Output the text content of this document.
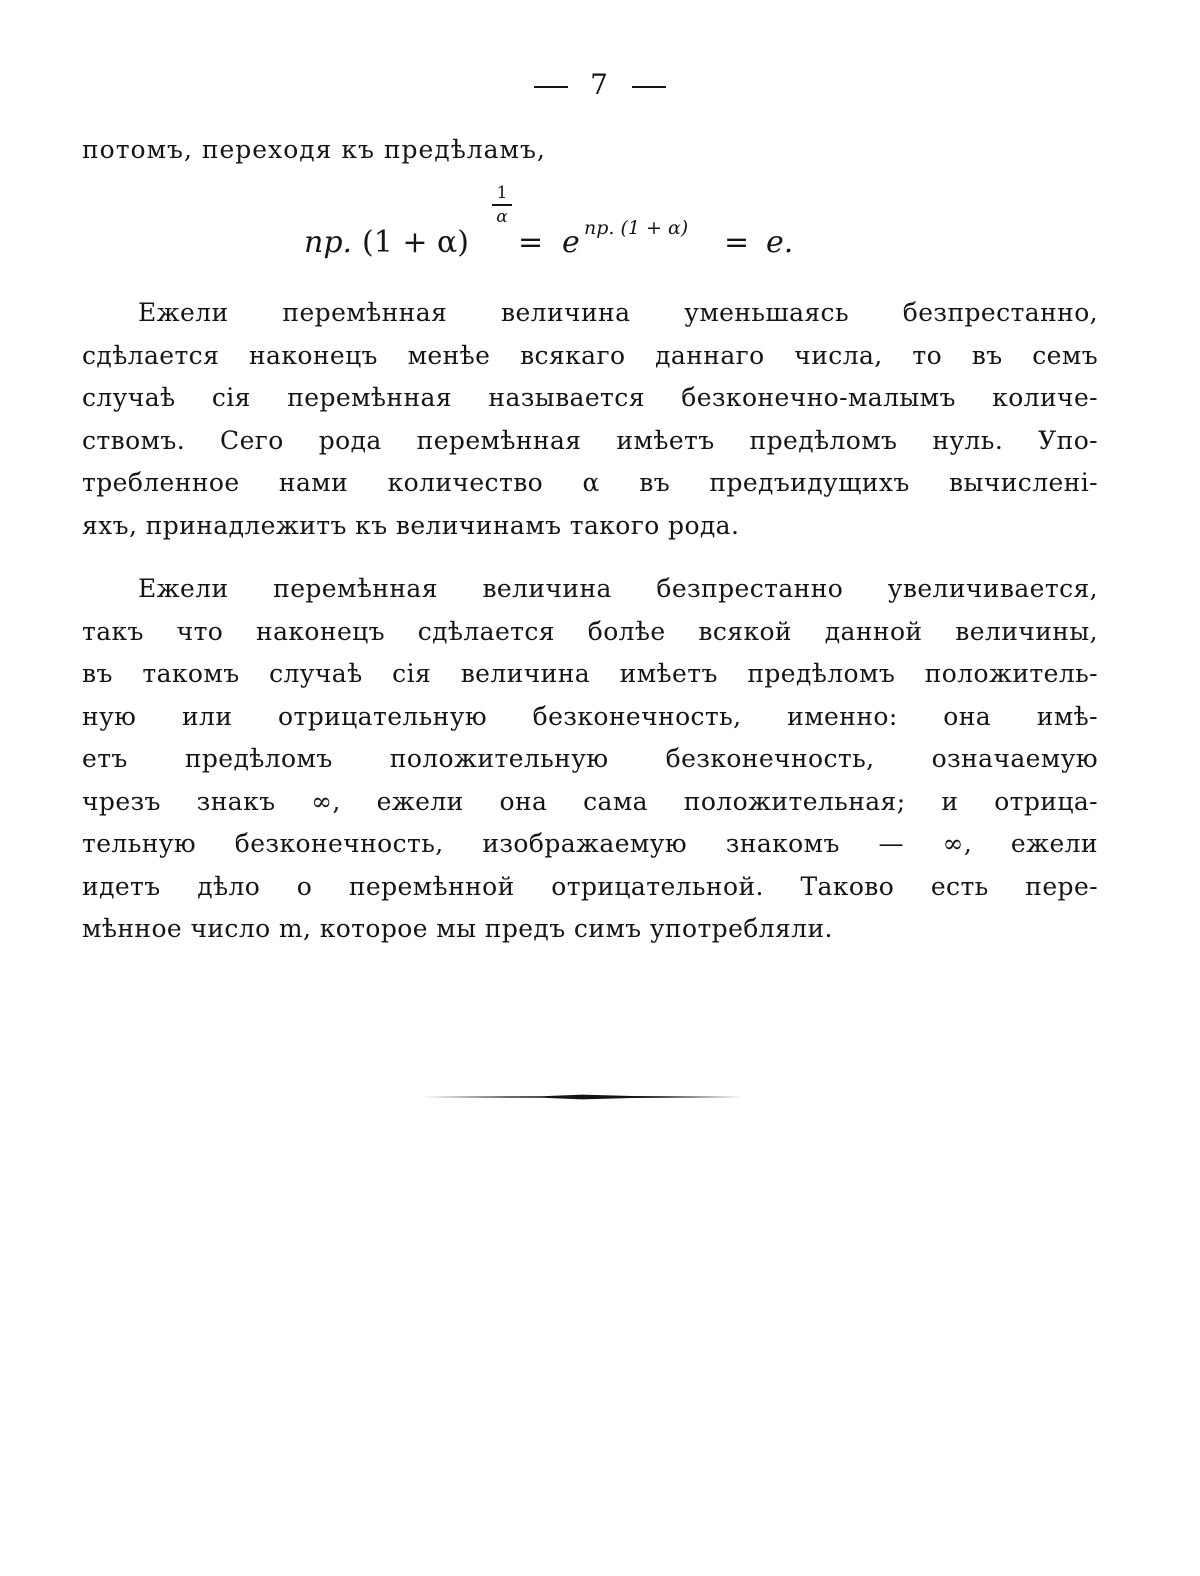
7
потомъ, переходя къ предѣламъ,
пр. (1 + α)
1
α
= e пр. (1 + α) = e.
Ежели перемѣнная величина уменьшаясь безпрестанно,
сдѣлается наконецъ менѣе всякаго даннаго числа, то въ семъ
случаѣ сія перемѣнная называется безконечно-малымъ количе-
ствомъ. Сего рода перемѣнная имѣетъ предѣломъ нуль. Упо-
требленное нами количество α въ предъидущихъ вычисленi-
яхъ, принадлежитъ къ величинамъ такого рода.
Ежели перемѣнная величина безпрестанно увеличивается,
такъ что наконецъ сдѣлается болѣе всякой данной величины,
въ такомъ случаѣ сія величина имѣетъ предѣломъ положитель-
ную или отрицательную безконечность, именно: она имѣ-
етъ предѣломъ положительную безконечность, означаемую
чрезъ знакъ ∞, ежели она сама положительная; и отрица-
тельную безконечность, изображаемую знакомъ — ∞, ежели
идетъ дѣло о перемѣнной отрицательной. Таково есть пере-
мѣнное число m, которое мы предъ симъ употребляли.
